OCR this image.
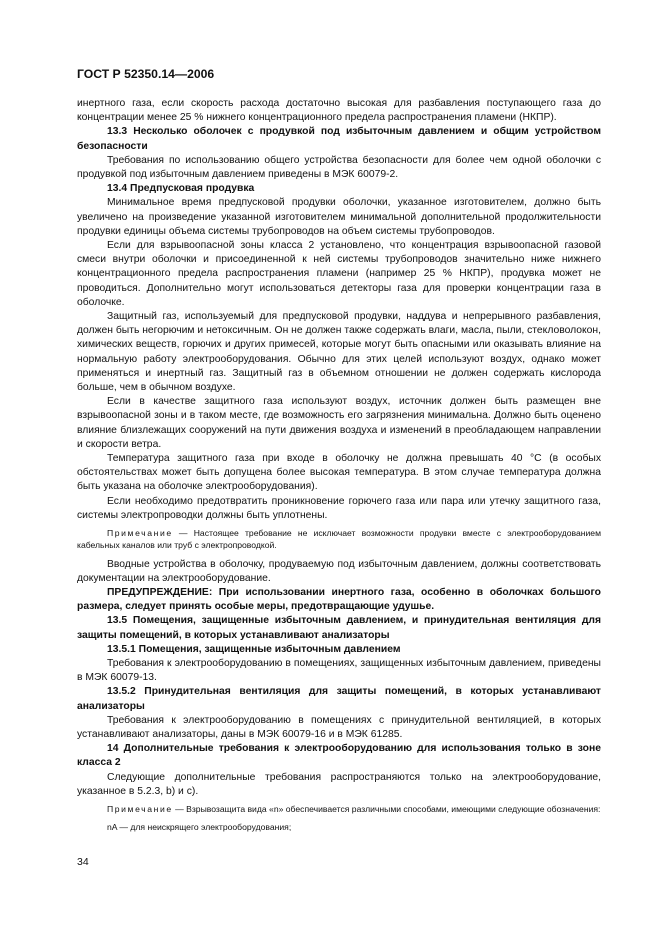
ГОСТ Р 52350.14—2006

инертного газа, если скорость расхода достаточно высокая для разбавления поступающего газа до концентрации менее 25 % нижнего концентрационного предела распространения пламени (НКПР).

13.3 Несколько оболочек с продувкой под избыточным давлением и общим устройством безопасности

Требования по использованию общего устройства безопасности для более чем одной оболочки с продувкой под избыточным давлением приведены в МЭК 60079-2.

13.4 Предпусковая продувка

Минимальное время предпусковой продувки оболочки, указанное изготовителем, должно быть увеличено на произведение указанной изготовителем минимальной дополнительной продолжительности продувки единицы объема системы трубопроводов на объем системы трубопроводов.

Если для взрывоопасной зоны класса 2 установлено, что концентрация взрывоопасной газовой смеси внутри оболочки и присоединенной к ней системы трубопроводов значительно ниже нижнего концентрационного предела распространения пламени (например 25 % НКПР), продувка может не проводиться. Дополнительно могут использоваться детекторы газа для проверки концентрации газа в оболочке.

Защитный газ, используемый для предпусковой продувки, наддува и непрерывного разбавления, должен быть негорючим и нетоксичным. Он не должен также содержать влаги, масла, пыли, стекловолокон, химических веществ, горючих и других примесей, которые могут быть опасными или оказывать влияние на нормальную работу электрооборудования. Обычно для этих целей используют воздух, однако может применяться и инертный газ. Защитный газ в объемном отношении не должен содержать кислорода больше, чем в обычном воздухе.

Если в качестве защитного газа используют воздух, источник должен быть размещен вне взрывоопасной зоны и в таком месте, где возможность его загрязнения минимальна. Должно быть оценено влияние близлежащих сооружений на пути движения воздуха и изменений в преобладающем направлении и скорости ветра.

Температура защитного газа при входе в оболочку не должна превышать 40 °С (в особых обстоятельствах может быть допущена более высокая температура. В этом случае температура должна быть указана на оболочке электрооборудования).

Если необходимо предотвратить проникновение горючего газа или пара или утечку защитного газа, системы электропроводки должны быть уплотнены.

Примечание — Настоящее требование не исключает возможности продувки вместе с электрооборудованием кабельных каналов или труб с электропроводкой.

Вводные устройства в оболочку, продуваемую под избыточным давлением, должны соответствовать документации на электрооборудование.

ПРЕДУПРЕЖДЕНИЕ: При использовании инертного газа, особенно в оболочках большого размера, следует принять особые меры, предотвращающие удушье.

13.5 Помещения, защищенные избыточным давлением, и принудительная вентиляция для защиты помещений, в которых устанавливают анализаторы

13.5.1 Помещения, защищенные избыточным давлением

Требования к электрооборудованию в помещениях, защищенных избыточным давлением, приведены в МЭК 60079-13.

13.5.2 Принудительная вентиляция для защиты помещений, в которых устанавливают анализаторы

Требования к электрооборудованию в помещениях с принудительной вентиляцией, в которых устанавливают анализаторы, даны в МЭК 60079-16 и в МЭК 61285.

14 Дополнительные требования к электрооборудованию для использования только в зоне класса 2

Следующие дополнительные требования распространяются только на электрооборудование, указанное в 5.2.3, b) и с).

Примечание — Взрывозащита вида «n» обеспечивается различными способами, имеющими следующие обозначения:

nA — для неискрящего электрооборудования;

34
